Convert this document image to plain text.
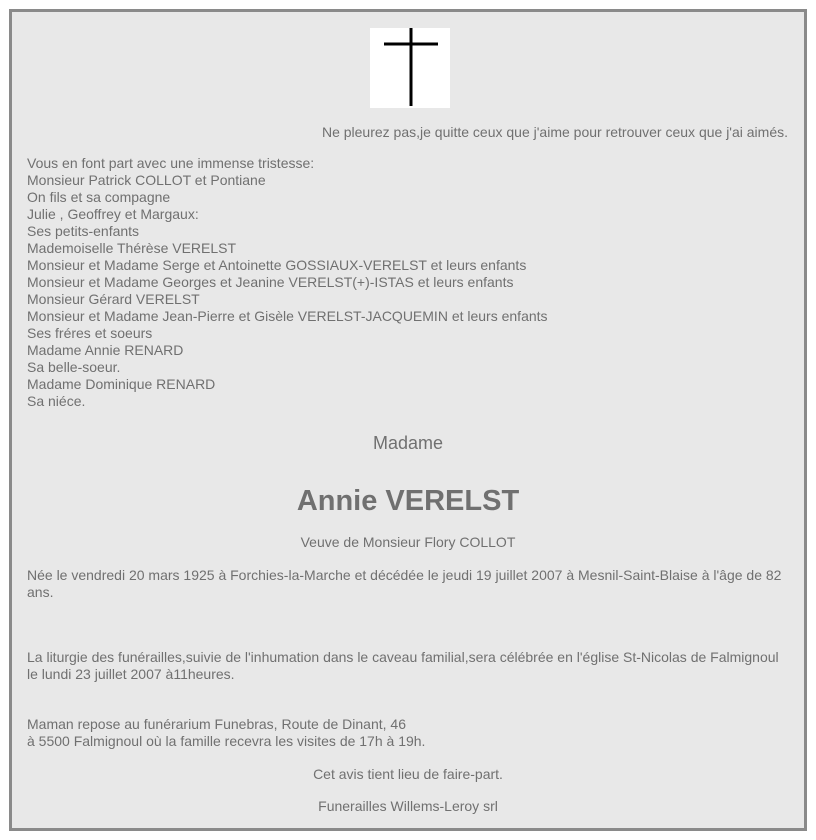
Ne pleurez pas,je quitte ceux que j'aime pour retrouver ceux que j'ai aimés.
Vous en font part avec une immense tristesse:
Monsieur Patrick COLLOT et Pontiane
On fils et sa compagne
Julie , Geoffrey et Margaux:
Ses petits-enfants
Mademoiselle Thérèse VERELST
Monsieur et Madame Serge et Antoinette GOSSIAUX-VERELST et leurs enfants
Monsieur et Madame Georges et Jeanine VERELST(+)-ISTAS et leurs enfants
Monsieur Gérard VERELST
Monsieur et Madame Jean-Pierre et Gisèle VERELST-JACQUEMIN et leurs enfants
Ses fréres et soeurs
Madame Annie RENARD
Sa belle-soeur.
Madame Dominique RENARD
Sa niéce.
Madame
Annie VERELST
Veuve de Monsieur Flory COLLOT
Née le vendredi 20 mars 1925 à Forchies-la-Marche et décédée le jeudi 19 juillet 2007 à Mesnil-Saint-Blaise à l'âge de 82 ans.
La liturgie des funérailles,suivie de l'inhumation dans le caveau familial,sera célébrée en l'église St-Nicolas de Falmignoul le lundi 23 juillet 2007 à11heures.
Maman repose au funérarium Funebras, Route de Dinant, 46
à 5500 Falmignoul où la famille recevra les visites de 17h à 19h.
Cet avis tient lieu de faire-part.
Funerailles Willems-Leroy srl
